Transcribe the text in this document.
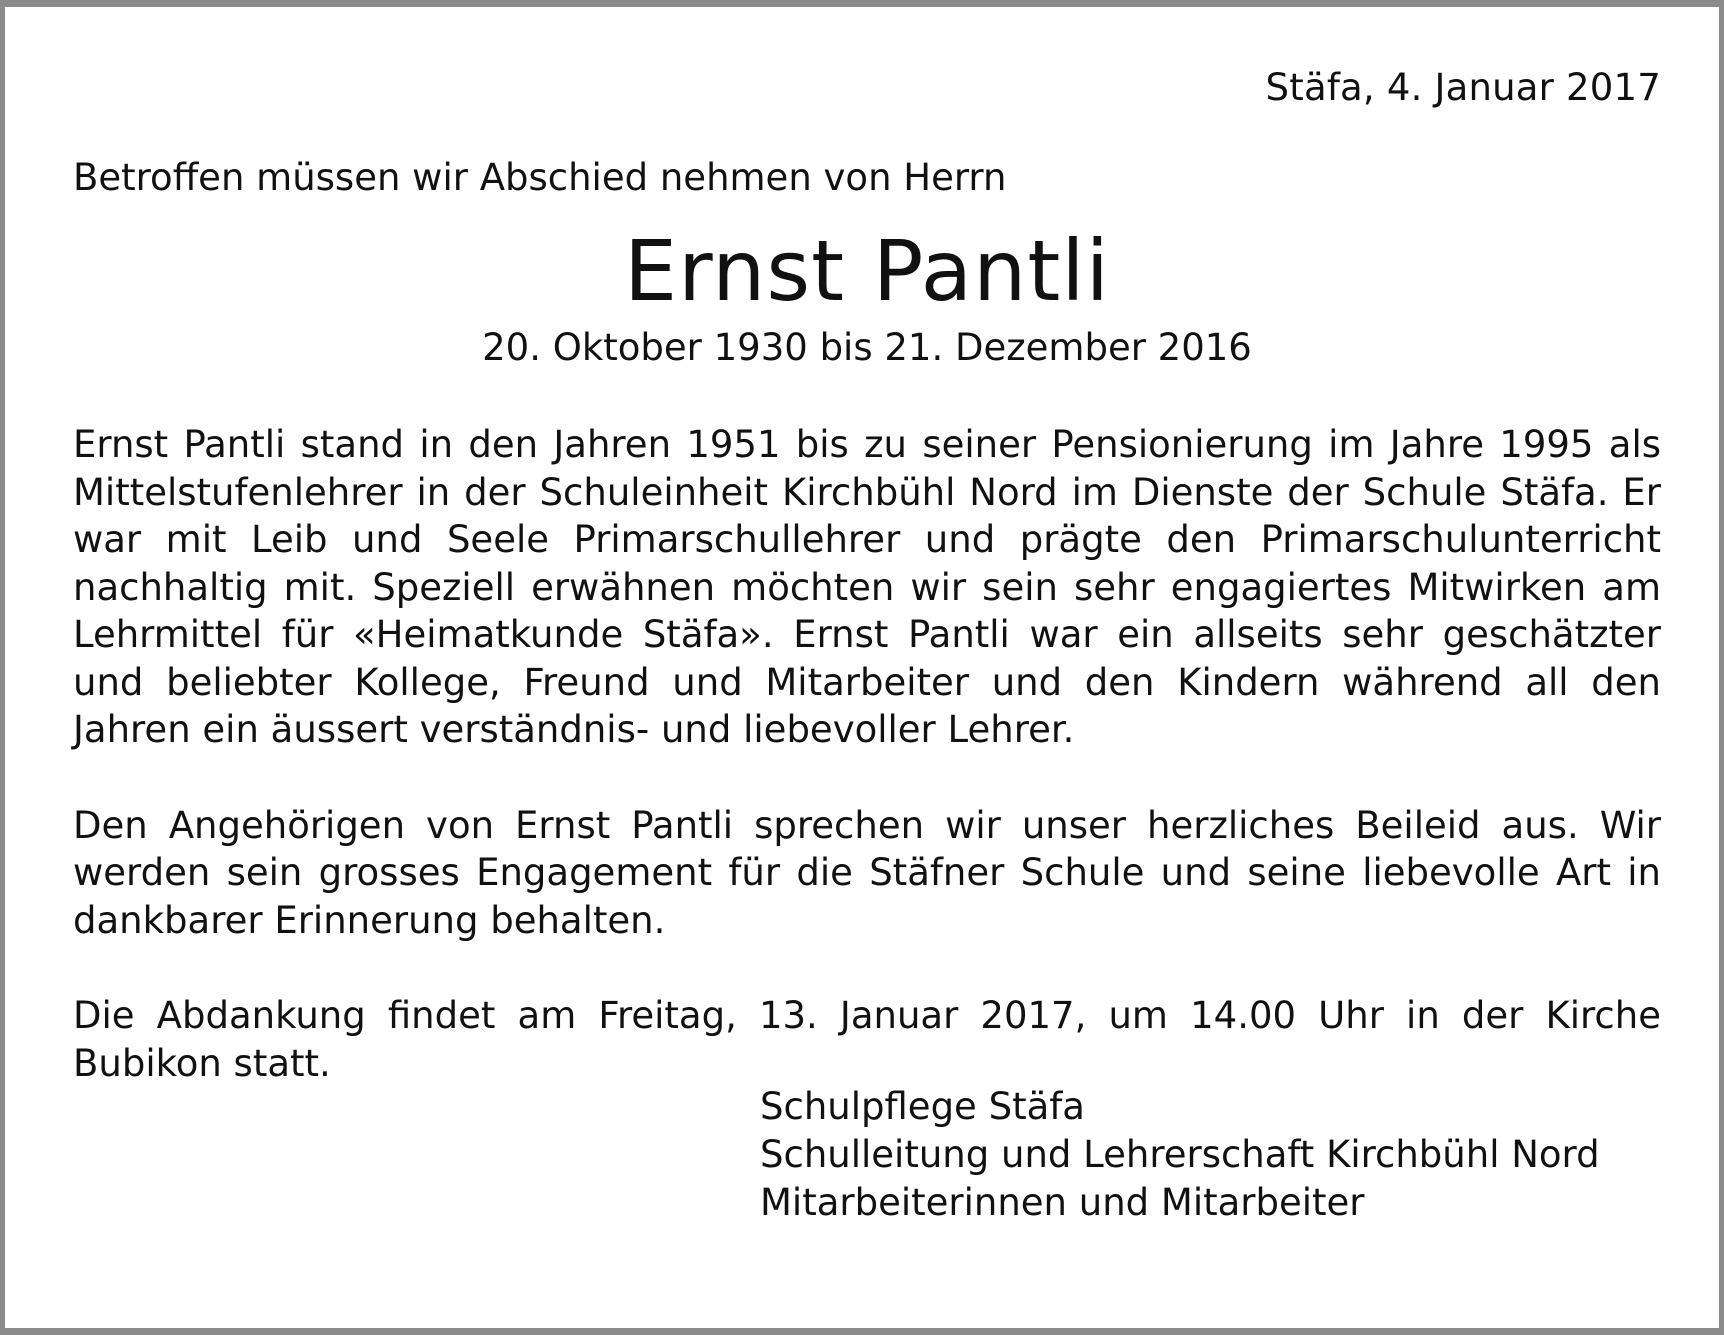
Stäfa, 4. Januar 2017
Betroffen müssen wir Abschied nehmen von Herrn
Ernst Pantli
20. Oktober 1930 bis 21. Dezember 2016

Ernst Pantli stand in den Jahren 1951 bis zu seiner Pensionierung im Jahre 1995 als Mittelstufenlehrer in der Schuleinheit Kirchbühl Nord im Dienste der Schule Stäfa. Er war mit Leib und Seele Primarschullehrer und prägte den Primarschulunterricht nachhaltig mit. Speziell erwähnen möchten wir sein sehr engagiertes Mitwirken am Lehrmittel für «Heimatkunde Stäfa». Ernst Pantli war ein allseits sehr geschätzter und beliebter Kollege, Freund und Mitarbeiter und den Kindern während all den Jahren ein äussert verständnis- und liebevoller Lehrer.

Den Angehörigen von Ernst Pantli sprechen wir unser herzliches Beileid aus. Wir werden sein grosses Engagement für die Stäfner Schule und seine liebevolle Art in dankbarer Erinnerung behalten.

Die Abdankung findet am Freitag, 13. Januar 2017, um 14.00 Uhr in der Kirche Bubikon statt.

Schulpflege Stäfa
Schulleitung und Lehrerschaft Kirchbühl Nord
Mitarbeiterinnen und Mitarbeiter
